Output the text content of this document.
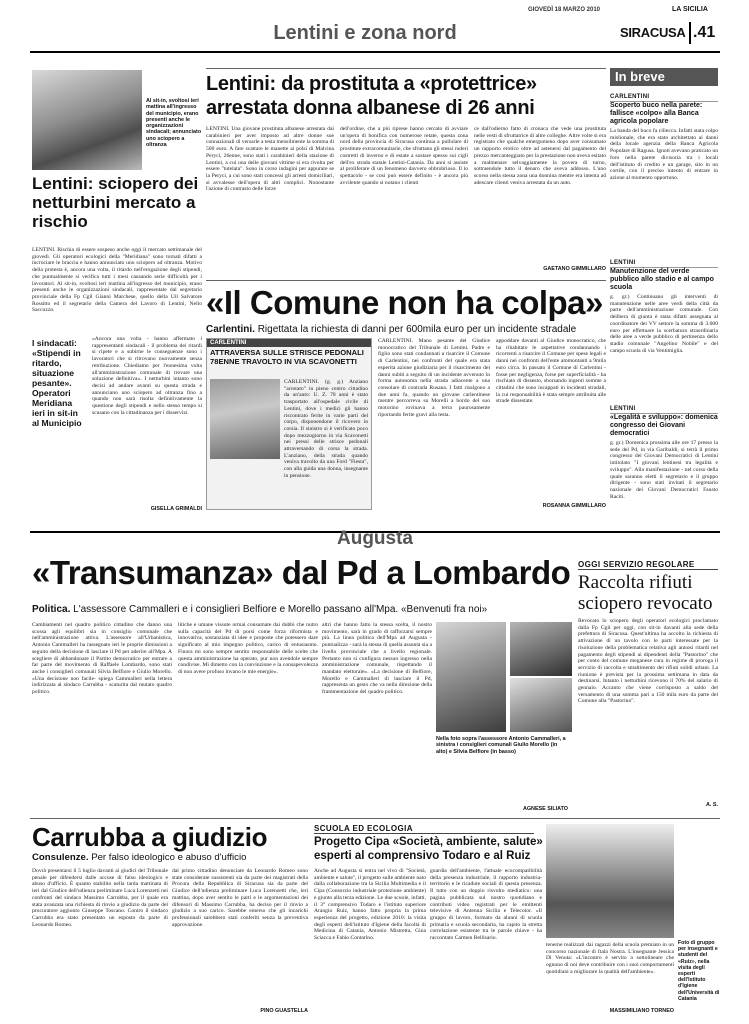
GIOVEDÌ 18 MARZO 2010	LA SICILIA
SIRACUSA .41
Lentini e zona nord
Al sit-in, svoltosi ieri mattina all'ingresso del municipio, erano presenti anche le organizzazioni sindacali; annunciato uno sciopero a oltranza
Lentini: sciopero dei netturbini mercato a rischio
LENTINI. Rischia di essere sospeso anche oggi il mercato settimanale del giovedì. Gli operatori ecologici della "Meridiana" sono tornati difatti a incrociare le braccia e hanno annunciato uno sciopero ad oltranza. Motivo della protesta è, ancora una volta, il ritardo nell'erogazione degli stipendi, che puntualmente si verifica tutti i mesi causando serie difficoltà per i lavoratori. Al sit-in, svoltosi ieri mattina all'ingresso del municipio, erano presenti anche le organizzazioni sindacali, rappresentate dal segretario provinciale della Fp Cgil Gianni Marchese, quello della Uil Salvatore Rossitto ed il segretario della Camera del Lavoro di Lentini, Nello Saccuzzo.
I sindacati: «Stipendi in ritardo, situazione pesante». Operatori Meridiana ieri in sit-in al Municipio
«Ancora una volta - hanno affermato i rappresentanti sindacali - il problema dei ritardi si ripete e a subirne le conseguenze sono i lavoratori che si ritrovano nuovamente senza retribuzione. Chiediamo per l'ennesima volta all'amministrazione comunale di trovare una soluzione definitiva». I netturbini intanto sono decisi ad andare avanti su questa strada e annunciano uno sciopero ad oltranza fino a quando non sarà risolta definitivamente la questione degli stipendi e nello stesso tempo si scusano con la cittadinanza per i disservizi.
GISELLA GRIMALDI
Lentini: da prostituta a «protettrice» arrestata donna albanese di 26 anni
LENTINI. Una giovane prostituta albanese arrestata dai carabinieri per aver imposto ad altre donne sue connazionali di versarle a testa mensilmente la somma di 500 euro. A fare scattare le manette ai polsi di Malvina Peryci, 26enne, sono stati i carabinieri della stazione di Lentini, a cui una delle giovani vittime si era rivolta per essere "tutelata". Sono in corso indagini per appurare se la Peryci, a cui sono stati concessi gli arresti domiciliari, si avvalesse dell'opera di altri complici. Nonostante l'azione di contrasto delle forze
dell'ordine, che a più riprese hanno cercato di avviare un'opera di bonifica con numerose retate, questa zona nord della provincia di Siracusa continua a pullulare di prostitute extracomunitarie, che sfruttano gli stessi ruderi costretti di inverno e di estate a sostare spesso sui cigli dell'ex strada statale Lentini-Catania. Da anni si assiste al proliferare di un fenomeno davvero obbrobrioso. Il lo spettacolo - se così può essere definito - è ancora più avvilente quando si notano i clienti
ce dall'odierno fatto di cronaca che vede una prostituta nelle vesti di sfruttatrice di altre colleghe. Altre volte si era registrato che qualche emergumeno dopo aver consumato un rapporto erotico oltre ad astenersi dal pagamento del prezzo mercanteggiato per la prestazione non aveva esitato a malmenare selvaggiamente la povera di turno, sottraendole tutto il denaro che aveva addosso. L'uno scorso nella stessa zona una donnina mentre era intenta ad adescare clienti veniva arrestata da un auto.
GAETANO GIMMILLARO
In breve
CARLENTINI
Scoperto buco nella parete: fallisce «colpo» alla Banca agricola popolare
La banda del buco fa ciliecca. Infatti stata colpo mislionale, che era stato architettato ai danni della locale agenzia della Banca Agricola Popolare di Ragusa. Ignoti avevano praticato un foro nella parete divisoria tra i locali dell'istituto di credito e un garage, sito in un cortile, con il preciso intento di entrare in azione al momento opportuno.
LENTINI
Manutenzione del verde pubblico allo stadio e al campo scuola
g. gr.) Continuano gli interventi di manutenzione nelle aree verdi della città da parte dell'amministrazione comunale. Con delibera di giunta è stata difatti assegnata al coordinatore dei VV settore la somma di 3.000 euro per effettuare la scerbatura straordinaria delle aree a verde pubblico di pertinenza dello stadio comunale "Angelino Nobile" e del campo scuola di via Ventimiglia.
LENTINI
«Legalità e sviluppo»: domenica congresso dei Giovani democratici
g. gr.) Domenica prossima alle ore 17 presso la sede del Pd, in via Garibaldi, si terrà il primo congresso dei Giovani Democratici di Lentini intitolato "I giovani lentinesi tra legalità e sviluppo". Alla manifestazione - nel corso della quale saranno eletti il segretario e il gruppo dirigente - sono stati invitati il segretario nazionale dei Giovani Democratici Fausto Raciti.
«Il Comune non ha colpa»
Carlentini. Rigettata la richiesta di danni per 600mila euro per un incidente stradale
CARLENTINI
ATTRAVERSA SULLE STRISCE PEDONALI 78ENNE TRAVOLTO IN VIA SCAVONETTI
CARLENTINI. (g. g.) Anziano "arrotato" in pieno centro cittadino da un'auto: U. Z. 78 anni è stato trasportato all'ospedale civile di Lentini, dove i medici gli hanno riscontrato ferite in varie parti del corpo, disponendone il ricovero in corsia. Il sinistro si è verificato poco dopo mezzogiorno in via Scavonetti nei pressi delle strisce pedonali attraversando di corsa la strada. L'anziano, della strada quando veniva travolto da una Ford "Fiesta", con alla guida una donna, insegnante in pensione.
CARLENTINI. Mano pesante del Giudice monocratico del Tribunale di Lentini. Padre e figlio sono stati condannati a risarcire il Comune di Carlentini, nei confronti del quale era stata esperita azione giudiziaria per il risarcimento dei danni subiti a seguito di un incidente avvenuto in forma autonoma nella strada adiacente a una consolare di contrada Rusana. I fatti risalgono a due anni fa, quando un giovane carlentinese mentre percorreva su Morelli a bordo del suo motorino rovinava a terra paurosamente riportando ferite gravi alla testa.
appoddare davanti al Giudice monocratico, che ha rihabitato le aspettative condannando i ricorrenti a risarcire il Comune per spese legali e danni nei confronti dell'ente ammontanti a 9mila euro circa. In passato il Comune di Carlentini - fosse per negligenza, forse per superficialità - ha rischiato di dissesto, sborsando ingenti somme a cittadini che sono incappati in incidenti stradali, la cui responsabilità è stata sempre attribuita alle strade dissestate.
ROSANNA GIMMILLARO
Augusta
«Transumanza» dal Pd a Lombardo
Politica. L'assessore Cammalleri e i consiglieri Belfiore e Morello passano all'Mpa. «Benvenuti fra noi»
Cambiamenti nel quadro politico cittadino che danno una scossa agli equilibri sia in consiglio comunale che nell'amministrazione attiva. L'assessore all'Urbanistica, Antonio Cammalleri ha rassegnato ieri le proprie dimissioni a seguito della decisione di lasciare il Pd per aderire all'Mpa. A scegliere di abbandonare il Partito democratico per entrare a far parte del movimento di Raffaele Lombardo, sono stati anche i consiglieri comunali Silvia Belfiore e Giulio Morello. «Una decisione non facile- spiega Cammalleri nella lettera indirizzata al sindaco Carrubba - scaturita dal mutato quadro politico.
litiche e umane vissute ormai consumate dai dubbi che nutro sulla capacità del Pd di porsi come forza riformista e innovativa, sostanziata di idee e proposte che potessero dare significato al mio impegno politico, carico di entusiasmo. Finora mi sono sempre sentito responsabile delle scelte che questa amministrazione ha operato, pur non avendole sempre condivise. Mi dimetto con la convinzione e la consapevolezza di non avere profuso invano le mie energie».
altri che hanno fatto la stessa scelta, il nostro movimento, sarà in grado di rafforzarsi sempre più. La linea politica dell'Mpa ad Augusta - puntualizza - sarà la stessa di quella assunta sia a livello provinciale che a livello regionale. Pertanto non si configura nessun ingresso nella amministrazione comunale, rispettando il mandato elettorale». «La decisione di Belfiore, Morello e Cammalleri di lasciare il Pd, rappresenta un gesto che va nella direzione della frammentazione del quadro politico.
Nella foto sopra l'assessore Antonio Cammalleri, a sinistra i consiglieri comunali Giulio Morello (in alto) e Silvia Belfiore (in basso)
AGNESE SILIATO
OGGI SERVIZIO REGOLARE
Raccolta rifiuti sciopero revocato
Revocato lo sciopero degli operatori ecologici proclamato dalla Fp Cgil per oggi, con sit-in davanti alla sede della prefettura di Siracusa. Quest'ultima ha accolto la richiesta di attivazione di un tavolo con le parti interessate per la risoluzione della problematica relativa agli annosi ritardi nel pagamento degli stipendi ai dipendenti della "Pastorino" che per conto del comune meganese cura in regime di proroga il servizio di raccolta e smaltimento dei rifiuti solidi urbani. La riunione è prevista per la prossima settimana in data da destinarsi. Intanto i netturbini ricevono il 70% del salario di gennaio. Accanto che viene corrisposto a saldo del versamento di una somma pari a 150 mila euro da parte del Comune alla "Pastorino".
A. S.
Carrubba a giudizio
Consulenze. Per falso ideologico e abuso d'ufficio
Dovrà presentarsi il 5 luglio davanti ai giudici del Tribunale penale per difendersi dalle accuse di falso ideologico e abuso d'ufficio. È quanto stabilito nella tarda mattinata di ieri dal Giudice dell'udienza preliminare Luca Lorenzetti nei confronti del sindaco Massimo Carrubba, per il quale era stata avanzata una richiesta di rinvio a giudizio da parte del procuratore aggiunto Giuseppe Toscano. Contro il sindaco Carrubba era stato presentato un esposto da parte di Leonardo Romeo.
dal primo cittadino denunciate da Leonardo Romeo sono state considerate sussistenti sia da parte dei magistrati della Procura della Repubblica di Siracusa sia da parte del Giudice dell'udienza preliminare Luca Lorenzetti che, ieri mattina, dopo aver sentito le parti e le argomentazioni dei difensori di Massimo Carrubba, ha deciso per il rinvio a giudizio a suo carico. Sarebbe emerso che gli incarichi professionali sarebbero stati conferiti senza la preventiva approvazione.
PINO GUASTELLA
SCUOLA ED ECOLOGIA
Progetto Cipa «Società, ambiente, salute» esperti al comprensivo Todaro e al Ruiz
Anche ad Augusta si entra nel vivo di "Società, ambiente e salute", il progetto sulle ambiente nato dalla collaborazione tra la Sicilia Multimedia e il Cipa (Consorzio industriale protezione ambiente) e giunto alla terza edizione. Le due scuole, infatti, il 3° comprensivo Todaro e l'istituto superiore Arangio Ruiz, hanno fatto propria la prima esperienza del progetto, edizione 2010: la visita degli esperti dell'istituto d'Igiene della facoltà di Medicina di Catania, Antonio Mistretta, Gina Sciacca e Fabio Contarino.
guardia dell'ambiente, l'attuale ecocompatibilità della presenza industriale, il rapporto industria-territorio e le ricadute sociali di questa presenza. Il tutto con un doppio risvolto mediatico: una pagina pubblicata sul nostro quotidiano e contributi video registrati per le emittenti televisive di Antenna Sicilia e Telecolor. «Il gruppo di lavoro, formato da alunni di scuola primaria e scuola secondaria, ha capito la stretta correlazione esistente tra le parole chiave - ha raccontato Carmen Bellisario.
Foto di gruppo per insegnanti e studenti del «Ruiz», nella visita degli esperti dell'Istituto d'Igiene dell'Università di Catania
tenerne realizzati dai ragazzi della scuola premiato in un concorso nazionale di Itala Nostra. L'insegnante Jessica Di Venuta: «L'incontro è servito a sottolineare che ognuno di noi deve contribuire con i suoi comportamenti quotidiani a migliorare la qualità dell'ambiente».
MASSIMILIANO TORNEO
